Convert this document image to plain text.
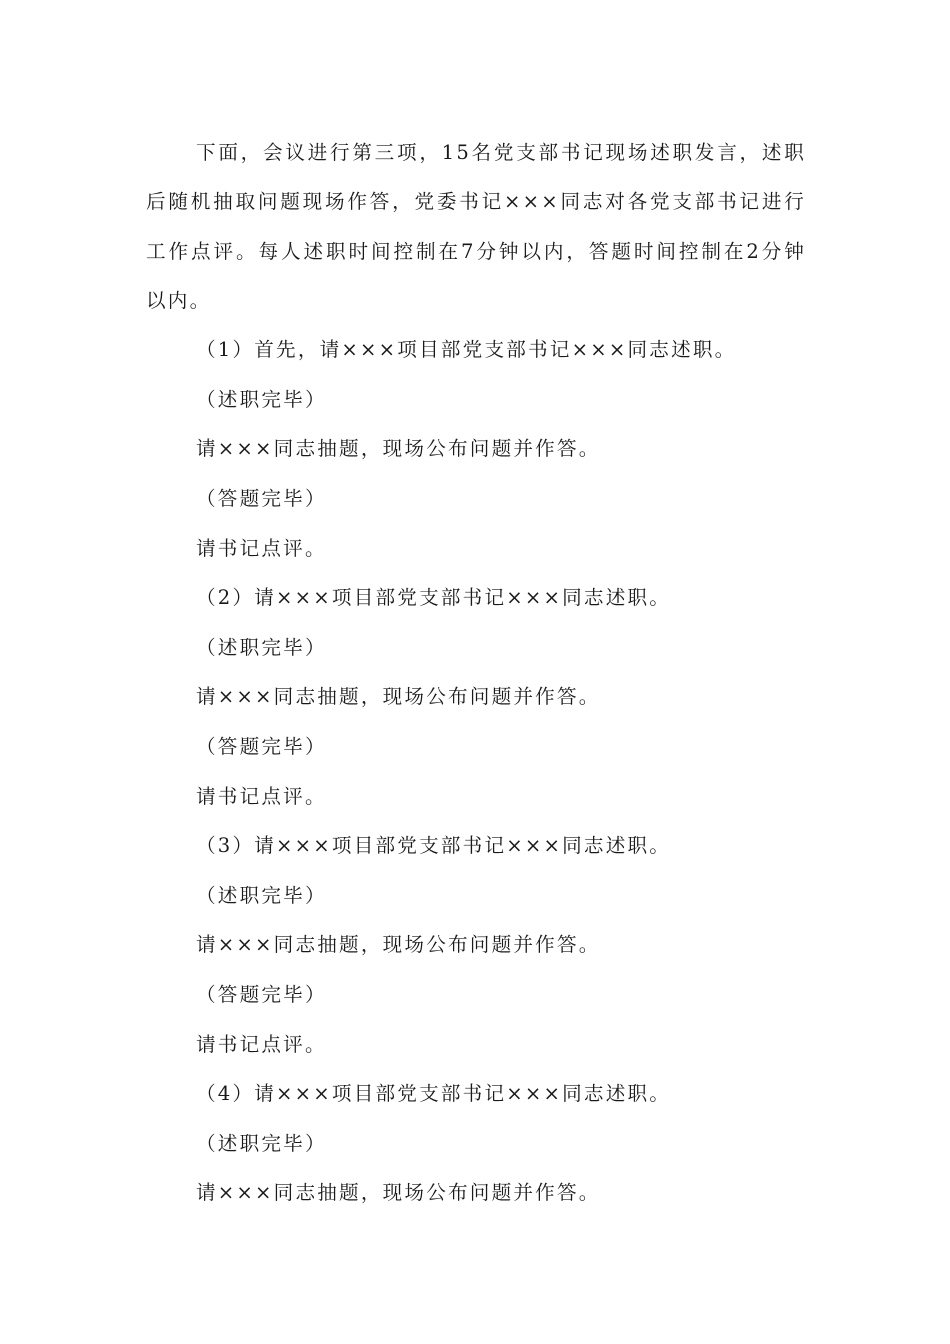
下面，会议进行第三项，15名党支部书记现场述职发言，述职后随机抽取问题现场作答，党委书记×××同志对各党支部书记进行工作点评。每人述职时间控制在7分钟以内，答题时间控制在2分钟以内。

（1）首先，请×××项目部党支部书记×××同志述职。

（述职完毕）

请×××同志抽题，现场公布问题并作答。

（答题完毕）

请书记点评。

（2）请×××项目部党支部书记×××同志述职。

（述职完毕）

请×××同志抽题，现场公布问题并作答。

（答题完毕）

请书记点评。

（3）请×××项目部党支部书记×××同志述职。

（述职完毕）

请×××同志抽题，现场公布问题并作答。

（答题完毕）

请书记点评。

（4）请×××项目部党支部书记×××同志述职。

（述职完毕）

请×××同志抽题，现场公布问题并作答。
